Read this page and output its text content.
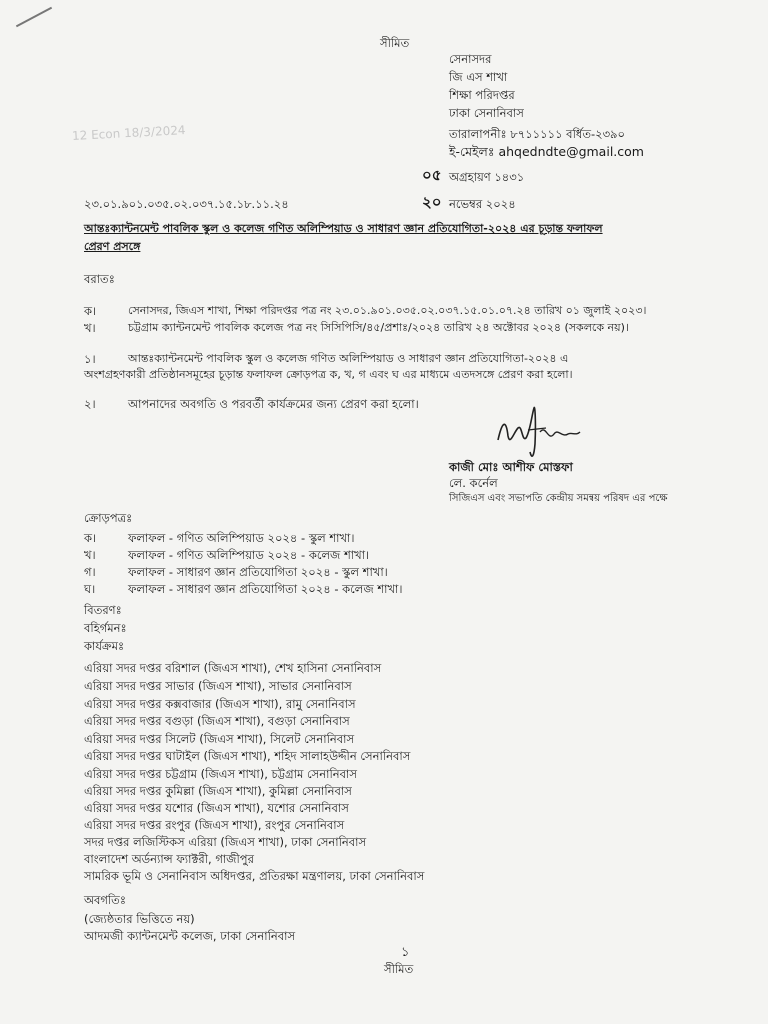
সীমিত
12 Econ 18/3/2024
সেনাসদর
জি এস শাখা
শিক্ষা পরিদপ্তর
ঢাকা সেনানিবাস
তারালাপনীঃ ৮৭১১১১১ বর্ধিত-২৩৯০
ই-মেইলঃ ahqedndte@gmail.com
০৫ অগ্রহায়ণ ১৪৩১
২০ নভেম্বর ২০২৪
২৩.০১.৯০১.০৩৫.০২.০৩৭.১৫.১৮.১১.২৪
আন্তঃক্যান্টনমেন্ট পাবলিক স্কুল ও কলেজ গণিত অলিম্পিয়াড ও সাধারণ জ্ঞান প্রতিযোগিতা-২০২৪ এর চূড়ান্ত ফলাফল
প্রেরণ প্রসঙ্গে
বরাতঃ
ক।	সেনাসদর, জিএস শাখা, শিক্ষা পরিদপ্তর পত্র নং ২৩.০১.৯০১.০৩৫.০২.০৩৭.১৫.০১.০৭.২৪ তারিখ ০১ জুলাই ২০২৩।
খ।	চট্টগ্রাম ক্যান্টনমেন্ট পাবলিক কলেজ পত্র নং সিসিপিসি/৪৫/প্রশাঃ/২০২৪ তারিখ ২৪ অক্টোবর ২০২৪ (সকলকে নয়)।
১।	আন্তঃক্যান্টনমেন্ট পাবলিক স্কুল ও কলেজ গণিত অলিম্পিয়াড ও সাধারণ জ্ঞান প্রতিযোগিতা-২০২৪ এ
অংশগ্রহণকারী প্রতিষ্ঠানসমূহের চূড়ান্ত ফলাফল ক্রোড়পত্র ক, খ, গ এবং ঘ এর মাধ্যমে এতদসঙ্গে প্রেরণ করা হলো।
২।	আপনাদের অবগতি ও পরবর্তী কার্যক্রমের জন্য প্রেরণ করা হলো।
কাজী মোঃ আশীফ মোস্তফা
লে. কর্নেল
সিজিএস এবং সভাপতি কেন্দ্রীয় সমন্বয় পরিষদ এর পক্ষে
ক্রোড়পত্রঃ
ক।	ফলাফল - গণিত অলিম্পিয়াড ২০২৪ - স্কুল শাখা।
খ।	ফলাফল - গণিত অলিম্পিয়াড ২০২৪ - কলেজ শাখা।
গ।	ফলাফল - সাধারণ জ্ঞান প্রতিযোগিতা ২০২৪ - স্কুল শাখা।
ঘ।	ফলাফল - সাধারণ জ্ঞান প্রতিযোগিতা ২০২৪ - কলেজ শাখা।
বিতরণঃ
বহির্গমনঃ
কার্যক্রমঃ
এরিয়া সদর দপ্তর বরিশাল (জিএস শাখা), শেখ হাসিনা সেনানিবাস
এরিয়া সদর দপ্তর সাভার (জিএস শাখা), সাভার সেনানিবাস
এরিয়া সদর দপ্তর কক্সবাজার (জিএস শাখা), রামু সেনানিবাস
এরিয়া সদর দপ্তর বগুড়া (জিএস শাখা), বগুড়া সেনানিবাস
এরিয়া সদর দপ্তর সিলেট (জিএস শাখা), সিলেট সেনানিবাস
এরিয়া সদর দপ্তর ঘাটাইল (জিএস শাখা), শহিদ সালাহউদ্দীন সেনানিবাস
এরিয়া সদর দপ্তর চট্টগ্রাম (জিএস শাখা), চট্টগ্রাম সেনানিবাস
এরিয়া সদর দপ্তর কুমিল্লা (জিএস শাখা), কুমিল্লা সেনানিবাস
এরিয়া সদর দপ্তর যশোর (জিএস শাখা), যশোর সেনানিবাস
এরিয়া সদর দপ্তর রংপুর (জিএস শাখা), রংপুর সেনানিবাস
সদর দপ্তর লজিস্টিকস এরিয়া (জিএস শাখা), ঢাকা সেনানিবাস
বাংলাদেশ অর্ডন্যান্স ফ্যাক্টরী, গাজীপুর
সামরিক ভূমি ও সেনানিবাস অধিদপ্তর, প্রতিরক্ষা মন্ত্রণালয়, ঢাকা সেনানিবাস
অবগতিঃ
(জ্যেষ্ঠতার ভিত্তিতে নয়)
আদমজী ক্যান্টনমেন্ট কলেজ, ঢাকা সেনানিবাস
১
সীমিত
